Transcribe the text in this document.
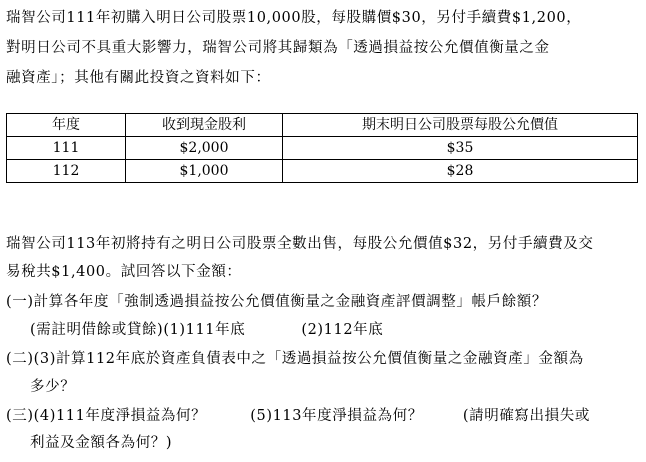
瑞智公司111年初購入明日公司股票10,000股，每股購價$30，另付手續費$1,200，
對明日公司不具重大影響力，瑞智公司將其歸類為「透過損益按公允價值衡量之金
融資產」；其他有關此投資之資料如下：
年度	收到現金股利	期末明日公司股票每股公允價值
111	$2,000	$35
112	$1,000	$28
瑞智公司113年初將持有之明日公司股票全數出售，每股公允價值$32，另付手續費及交
易稅共$1,400。試回答以下金額：
(一)計算各年度「強制透過損益按公允價值衡量之金融資產評價調整」帳戶餘額？
(需註明借餘或貸餘)(1)111年底	(2)112年底
(二)(3)計算112年底於資產負債表中之「透過損益按公允價值衡量之金融資產」金額為
多少？
(三)(4)111年度淨損益為何？	(5)113年度淨損益為何？	(請明確寫出損失或
利益及金額各為何？)
